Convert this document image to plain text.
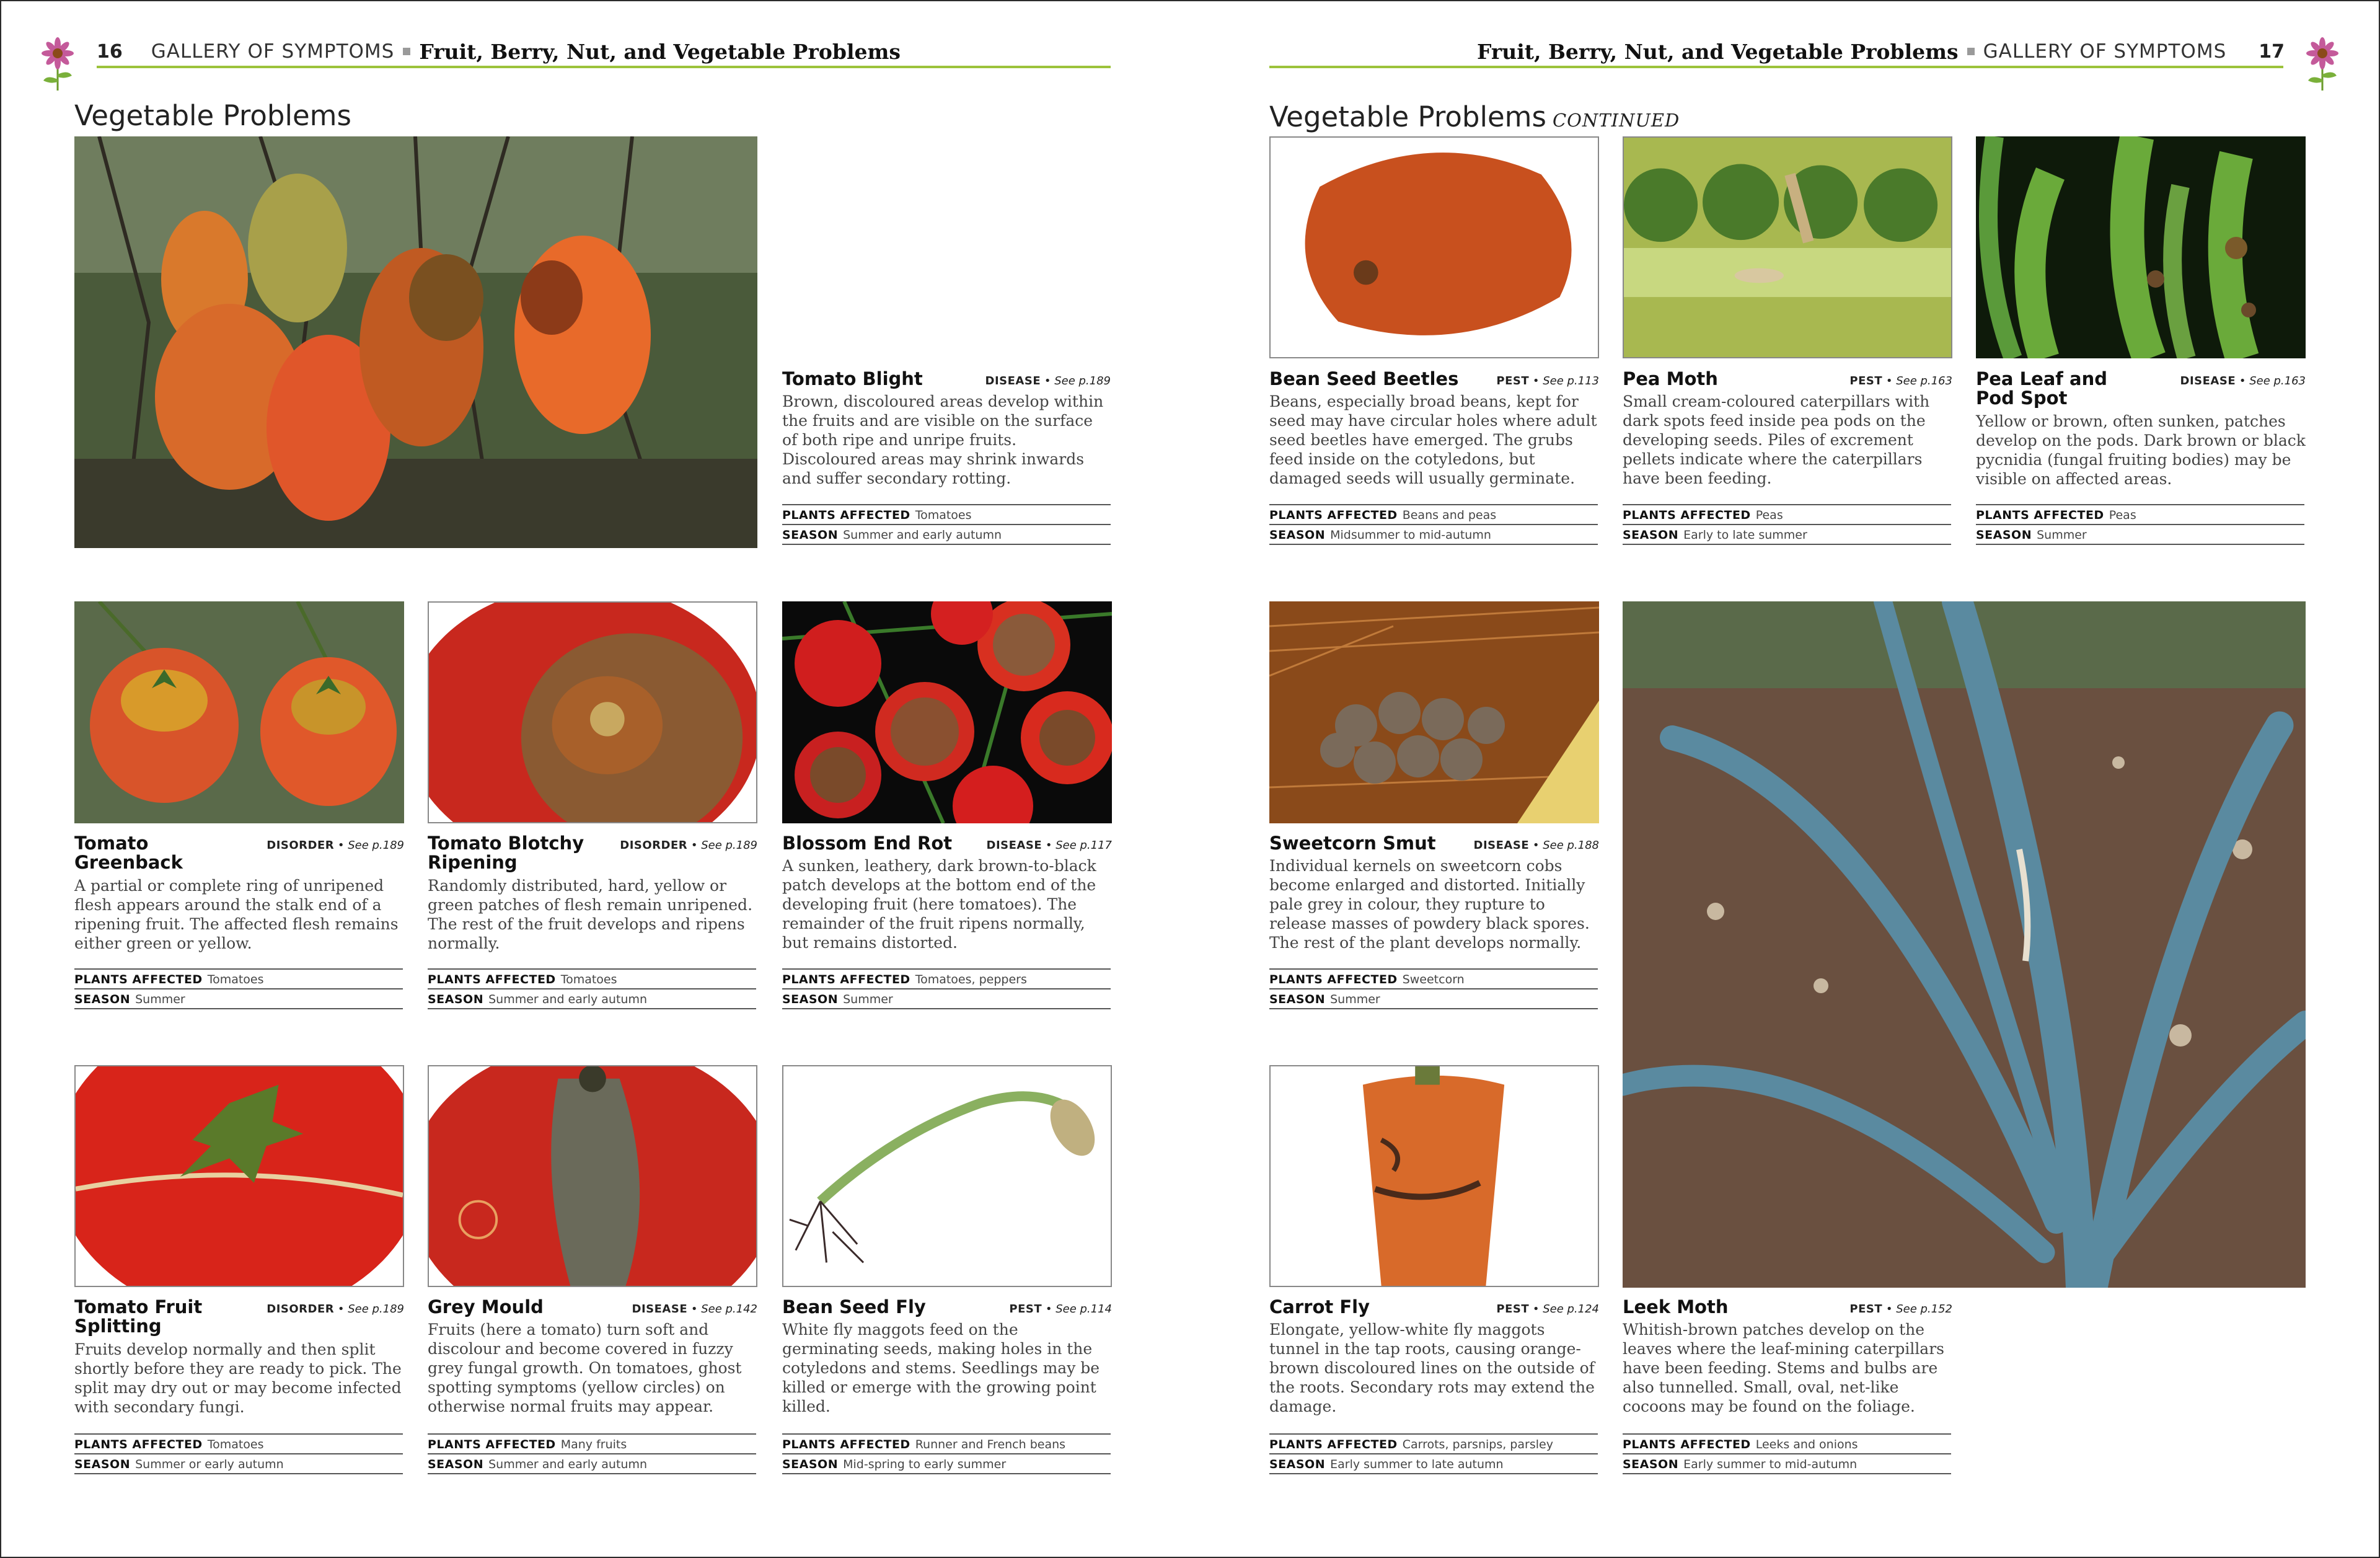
16 GALLERY OF SYMPTOMS Fruit, Berry, Nut, and Vegetable Problems	Fruit, Berry, Nut, and Vegetable Problems GALLERY OF SYMPTOMS 17
Vegetable Problems	Vegetable Problems CONTINUED
Tomato Blight	DISEASE • See p.189
Brown, discoloured areas develop within the fruits and are visible on the surface of both ripe and unripe fruits. Discoloured areas may shrink inwards and suffer secondary rotting.
PLANTS AFFECTED Tomatoes
SEASON Summer and early autumn
Tomato Greenback
DISORDER • See p.189
A partial or complete ring of unripened flesh appears around the stalk end of a ripening fruit. The affected flesh remains either green or yellow.
PLANTS AFFECTED Tomatoes
SEASON Summer
Tomato Blotchy Ripening
DISORDER • See p.189
Randomly distributed, hard, yellow or green patches of flesh remain unripened. The rest of the fruit develops and ripens normally.
PLANTS AFFECTED Tomatoes
SEASON Summer and early autumn
Blossom End Rot	DISEASE • See p.117
A sunken, leathery, dark brown-to-black patch develops at the bottom end of the developing fruit (here tomatoes). The remainder of the fruit ripens normally, but remains distorted.
PLANTS AFFECTED Tomatoes, peppers
SEASON Summer
Tomato Fruit Splitting
DISORDER • See p.189
Fruits develop normally and then split shortly before they are ready to pick. The split may dry out or may become infected with secondary fungi.
PLANTS AFFECTED Tomatoes
SEASON Summer or early autumn
Grey Mould	DISEASE • See p.142
Fruits (here a tomato) turn soft and discolour and become covered in fuzzy grey fungal growth. On tomatoes, ghost spotting symptoms (yellow circles) on otherwise normal fruits may appear.
PLANTS AFFECTED Many fruits
SEASON Summer and early autumn
Bean Seed Fly	PEST • See p.114
White fly maggots feed on the germinating seeds, making holes in the cotyledons and stems. Seedlings may be killed or emerge with the growing point killed.
PLANTS AFFECTED Runner and French beans
SEASON Mid-spring to early summer
Bean Seed Beetles	PEST • See p.113
Beans, especially broad beans, kept for seed may have circular holes where adult seed beetles have emerged. The grubs feed inside on the cotyledons, but damaged seeds will usually germinate.
PLANTS AFFECTED Beans and peas
SEASON Midsummer to mid-autumn
Pea Moth	PEST • See p.163
Small cream-coloured caterpillars with dark spots feed inside pea pods on the developing seeds. Piles of excrement pellets indicate where the caterpillars have been feeding.
PLANTS AFFECTED Peas
SEASON Early to late summer
Pea Leaf and Pod Spot
DISEASE • See p.163
Yellow or brown, often sunken, patches develop on the pods. Dark brown or black pycnidia (fungal fruiting bodies) may be visible on affected areas.
PLANTS AFFECTED Peas
SEASON Summer
Sweetcorn Smut	DISEASE • See p.188
Individual kernels on sweetcorn cobs become enlarged and distorted. Initially pale grey in colour, they rupture to release masses of powdery black spores. The rest of the plant develops normally.
PLANTS AFFECTED Sweetcorn
SEASON Summer
Carrot Fly	PEST • See p.124
Elongate, yellow-white fly maggots tunnel in the tap roots, causing orange-brown discoloured lines on the outside of the roots. Secondary rots may extend the damage.
PLANTS AFFECTED Carrots, parsnips, parsley
SEASON Early summer to late autumn
Leek Moth	PEST • See p.152
Whitish-brown patches develop on the leaves where the leaf-mining caterpillars have been feeding. Stems and bulbs are also tunnelled. Small, oval, net-like cocoons may be found on the foliage.
PLANTS AFFECTED Leeks and onions
SEASON Early summer to mid-autumn
